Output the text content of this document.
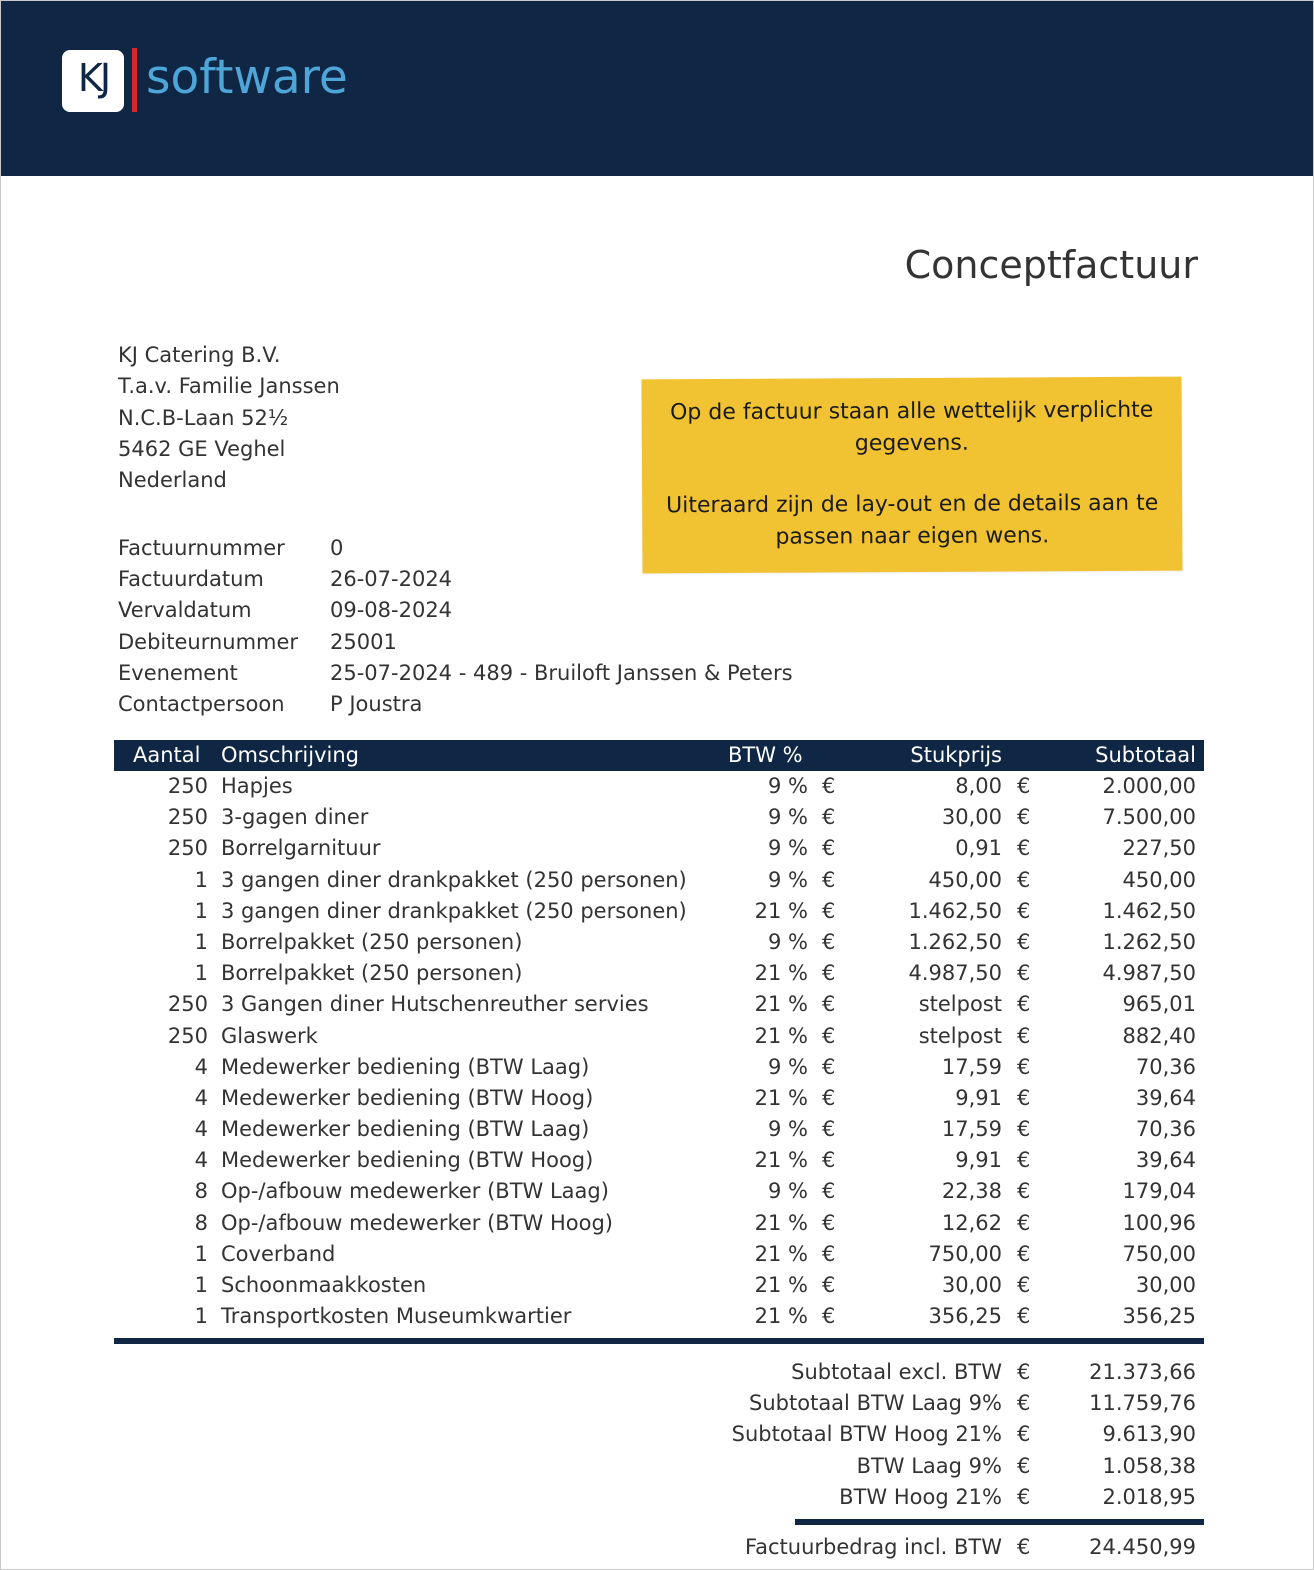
KJ software
Conceptfactuur
KJ Catering B.V.
T.a.v. Familie Janssen
N.C.B-Laan 52½
5462 GE Veghel
Nederland
Factuurnummer 0
Factuurdatum	26-07-2024
Vervaldatum	09-08-2024
Debiteurnummer 25001
Evenement	25-07-2024 - 489 - Bruiloft Janssen & Peters
Contactpersoon P Joustra

Op de factuur staan alle wettelijk verplichte gegevens.

Uiteraard zijn de lay-out en de details aan te passen naar eigen wens.

Aantal Omschrijving	BTW %	Stukprijs	Subtotaal
250 Hapjes	9 % €	8,00 €	2.000,00
250 3-gagen diner	9 % €	30,00 €	7.500,00
250 Borrelgarnituur	9 % €	0,91 €	227,50
1 3 gangen diner drankpakket (250 personen)	9 % €	450,00 €	450,00
1 3 gangen diner drankpakket (250 personen)	21 % €	1.462,50 €	1.462,50
1 Borrelpakket (250 personen)	9 % €	1.262,50 €	1.262,50
1 Borrelpakket (250 personen)	21 % €	4.987,50 €	4.987,50
250 3 Gangen diner Hutschenreuther servies	21 % €	stelpost €	965,01
250 Glaswerk	21 % €	stelpost €	882,40
4 Medewerker bediening (BTW Laag)	9 % €	17,59 €	70,36
4 Medewerker bediening (BTW Hoog)	21 % €	9,91 €	39,64
4 Medewerker bediening (BTW Laag)	9 % €	17,59 €	70,36
4 Medewerker bediening (BTW Hoog)	21 % €	9,91 €	39,64
8 Op-/afbouw medewerker (BTW Laag)	9 % €	22,38 €	179,04
8 Op-/afbouw medewerker (BTW Hoog)	21 % €	12,62 €	100,96
1 Coverband	21 % €	750,00 €	750,00
1 Schoonmaakkosten	21 % €	30,00 €	30,00
1 Transportkosten Museumkwartier	21 % €	356,25 €	356,25
Subtotaal excl. BTW €	21.373,66
Subtotaal BTW Laag 9% €	11.759,76
Subtotaal BTW Hoog 21% €	9.613,90
BTW Laag 9% €	1.058,38
BTW Hoog 21% €	2.018,95
Factuurbedrag incl. BTW €	24.450,99
